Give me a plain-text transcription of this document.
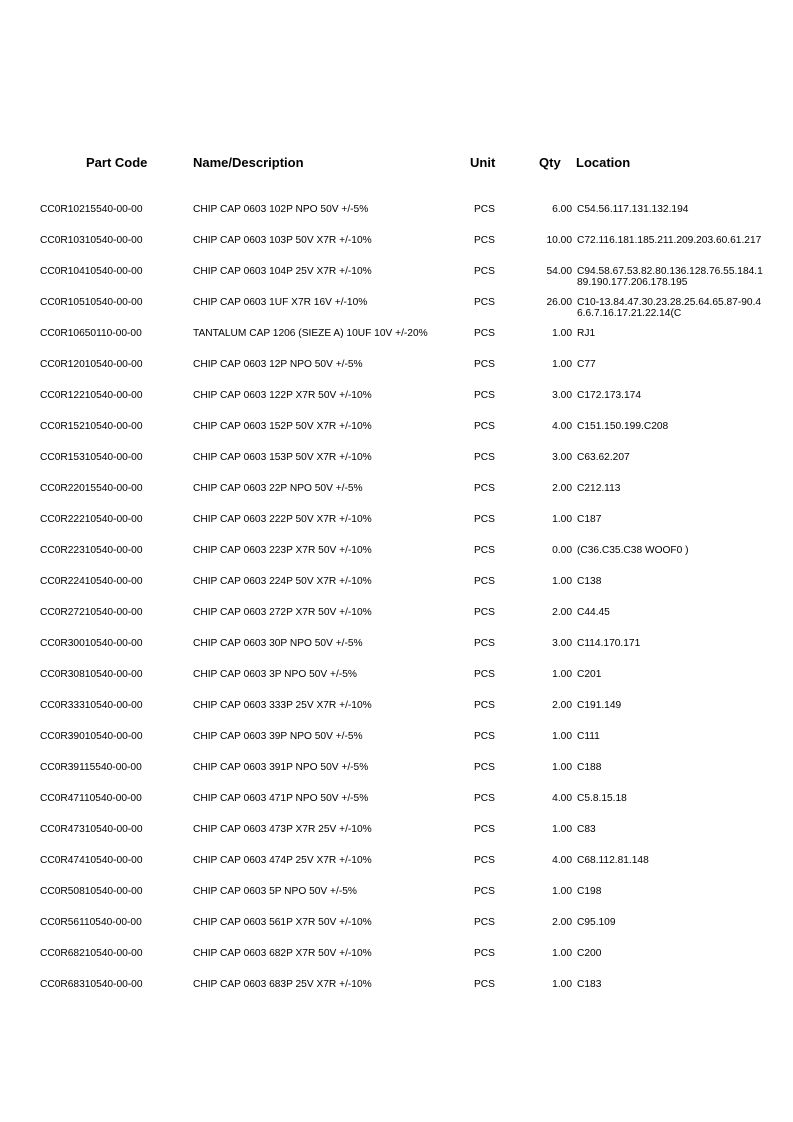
Part Code	Name/Description	Unit	Qty Location
CC0R10215540-00-00	CHIP CAP 0603 102P NPO 50V +/-5%	PCS	6.00 C54.56.117.131.132.194
CC0R10310540-00-00	CHIP CAP 0603 103P 50V X7R +/-10%	PCS	10.00 C72.116.181.185.211.209.203.60.61.217
CC0R10410540-00-00	CHIP CAP 0603 104P 25V X7R +/-10%	PCS	54.00 C94.58.67.53.82.80.136.128.76.55.184.189.190.177.206.178.195
CC0R10510540-00-00	CHIP CAP 0603 1UF X7R 16V +/-10%	PCS	26.00 C10-13.84.47.30.23.28.25.64.65.87-90.46.6.7.16.17.21.22.14(C
CC0R10650110-00-00	TANTALUM CAP 1206 (SIEZE A) 10UF 10V +/-20%	PCS	1.00 RJ1
CC0R12010540-00-00	CHIP CAP 0603 12P NPO 50V +/-5%	PCS	1.00 C77
CC0R12210540-00-00	CHIP CAP 0603 122P X7R 50V +/-10%	PCS	3.00 C172.173.174
CC0R15210540-00-00	CHIP CAP 0603 152P 50V X7R +/-10%	PCS	4.00 C151.150.199.C208
CC0R15310540-00-00	CHIP CAP 0603 153P 50V X7R +/-10%	PCS	3.00 C63.62.207
CC0R22015540-00-00	CHIP CAP 0603 22P NPO 50V +/-5%	PCS	2.00 C212.113
CC0R22210540-00-00	CHIP CAP 0603 222P 50V X7R +/-10%	PCS	1.00 C187
CC0R22310540-00-00	CHIP CAP 0603 223P X7R 50V +/-10%	PCS	0.00 (C36.C35.C38 WOOF0 )
CC0R22410540-00-00	CHIP CAP 0603 224P 50V X7R +/-10%	PCS	1.00 C138
CC0R27210540-00-00	CHIP CAP 0603 272P X7R 50V +/-10%	PCS	2.00 C44.45
CC0R30010540-00-00	CHIP CAP 0603 30P NPO 50V +/-5%	PCS	3.00 C114.170.171
CC0R30810540-00-00	CHIP CAP 0603 3P NPO 50V +/-5%	PCS	1.00 C201
CC0R33310540-00-00	CHIP CAP 0603 333P 25V X7R +/-10%	PCS	2.00 C191.149
CC0R39010540-00-00	CHIP CAP 0603 39P NPO 50V +/-5%	PCS	1.00 C111
CC0R39115540-00-00	CHIP CAP 0603 391P NPO 50V +/-5%	PCS	1.00 C188
CC0R47110540-00-00	CHIP CAP 0603 471P NPO 50V +/-5%	PCS	4.00 C5.8.15.18
CC0R47310540-00-00	CHIP CAP 0603 473P X7R 25V +/-10%	PCS	1.00 C83
CC0R47410540-00-00	CHIP CAP 0603 474P 25V X7R +/-10%	PCS	4.00 C68.112.81.148
CC0R50810540-00-00	CHIP CAP 0603 5P NPO 50V +/-5%	PCS	1.00 C198
CC0R56110540-00-00	CHIP CAP 0603 561P X7R 50V +/-10%	PCS	2.00 C95.109
CC0R68210540-00-00	CHIP CAP 0603 682P X7R 50V +/-10%	PCS	1.00 C200
CC0R68310540-00-00	CHIP CAP 0603 683P 25V X7R +/-10%	PCS	1.00 C183
